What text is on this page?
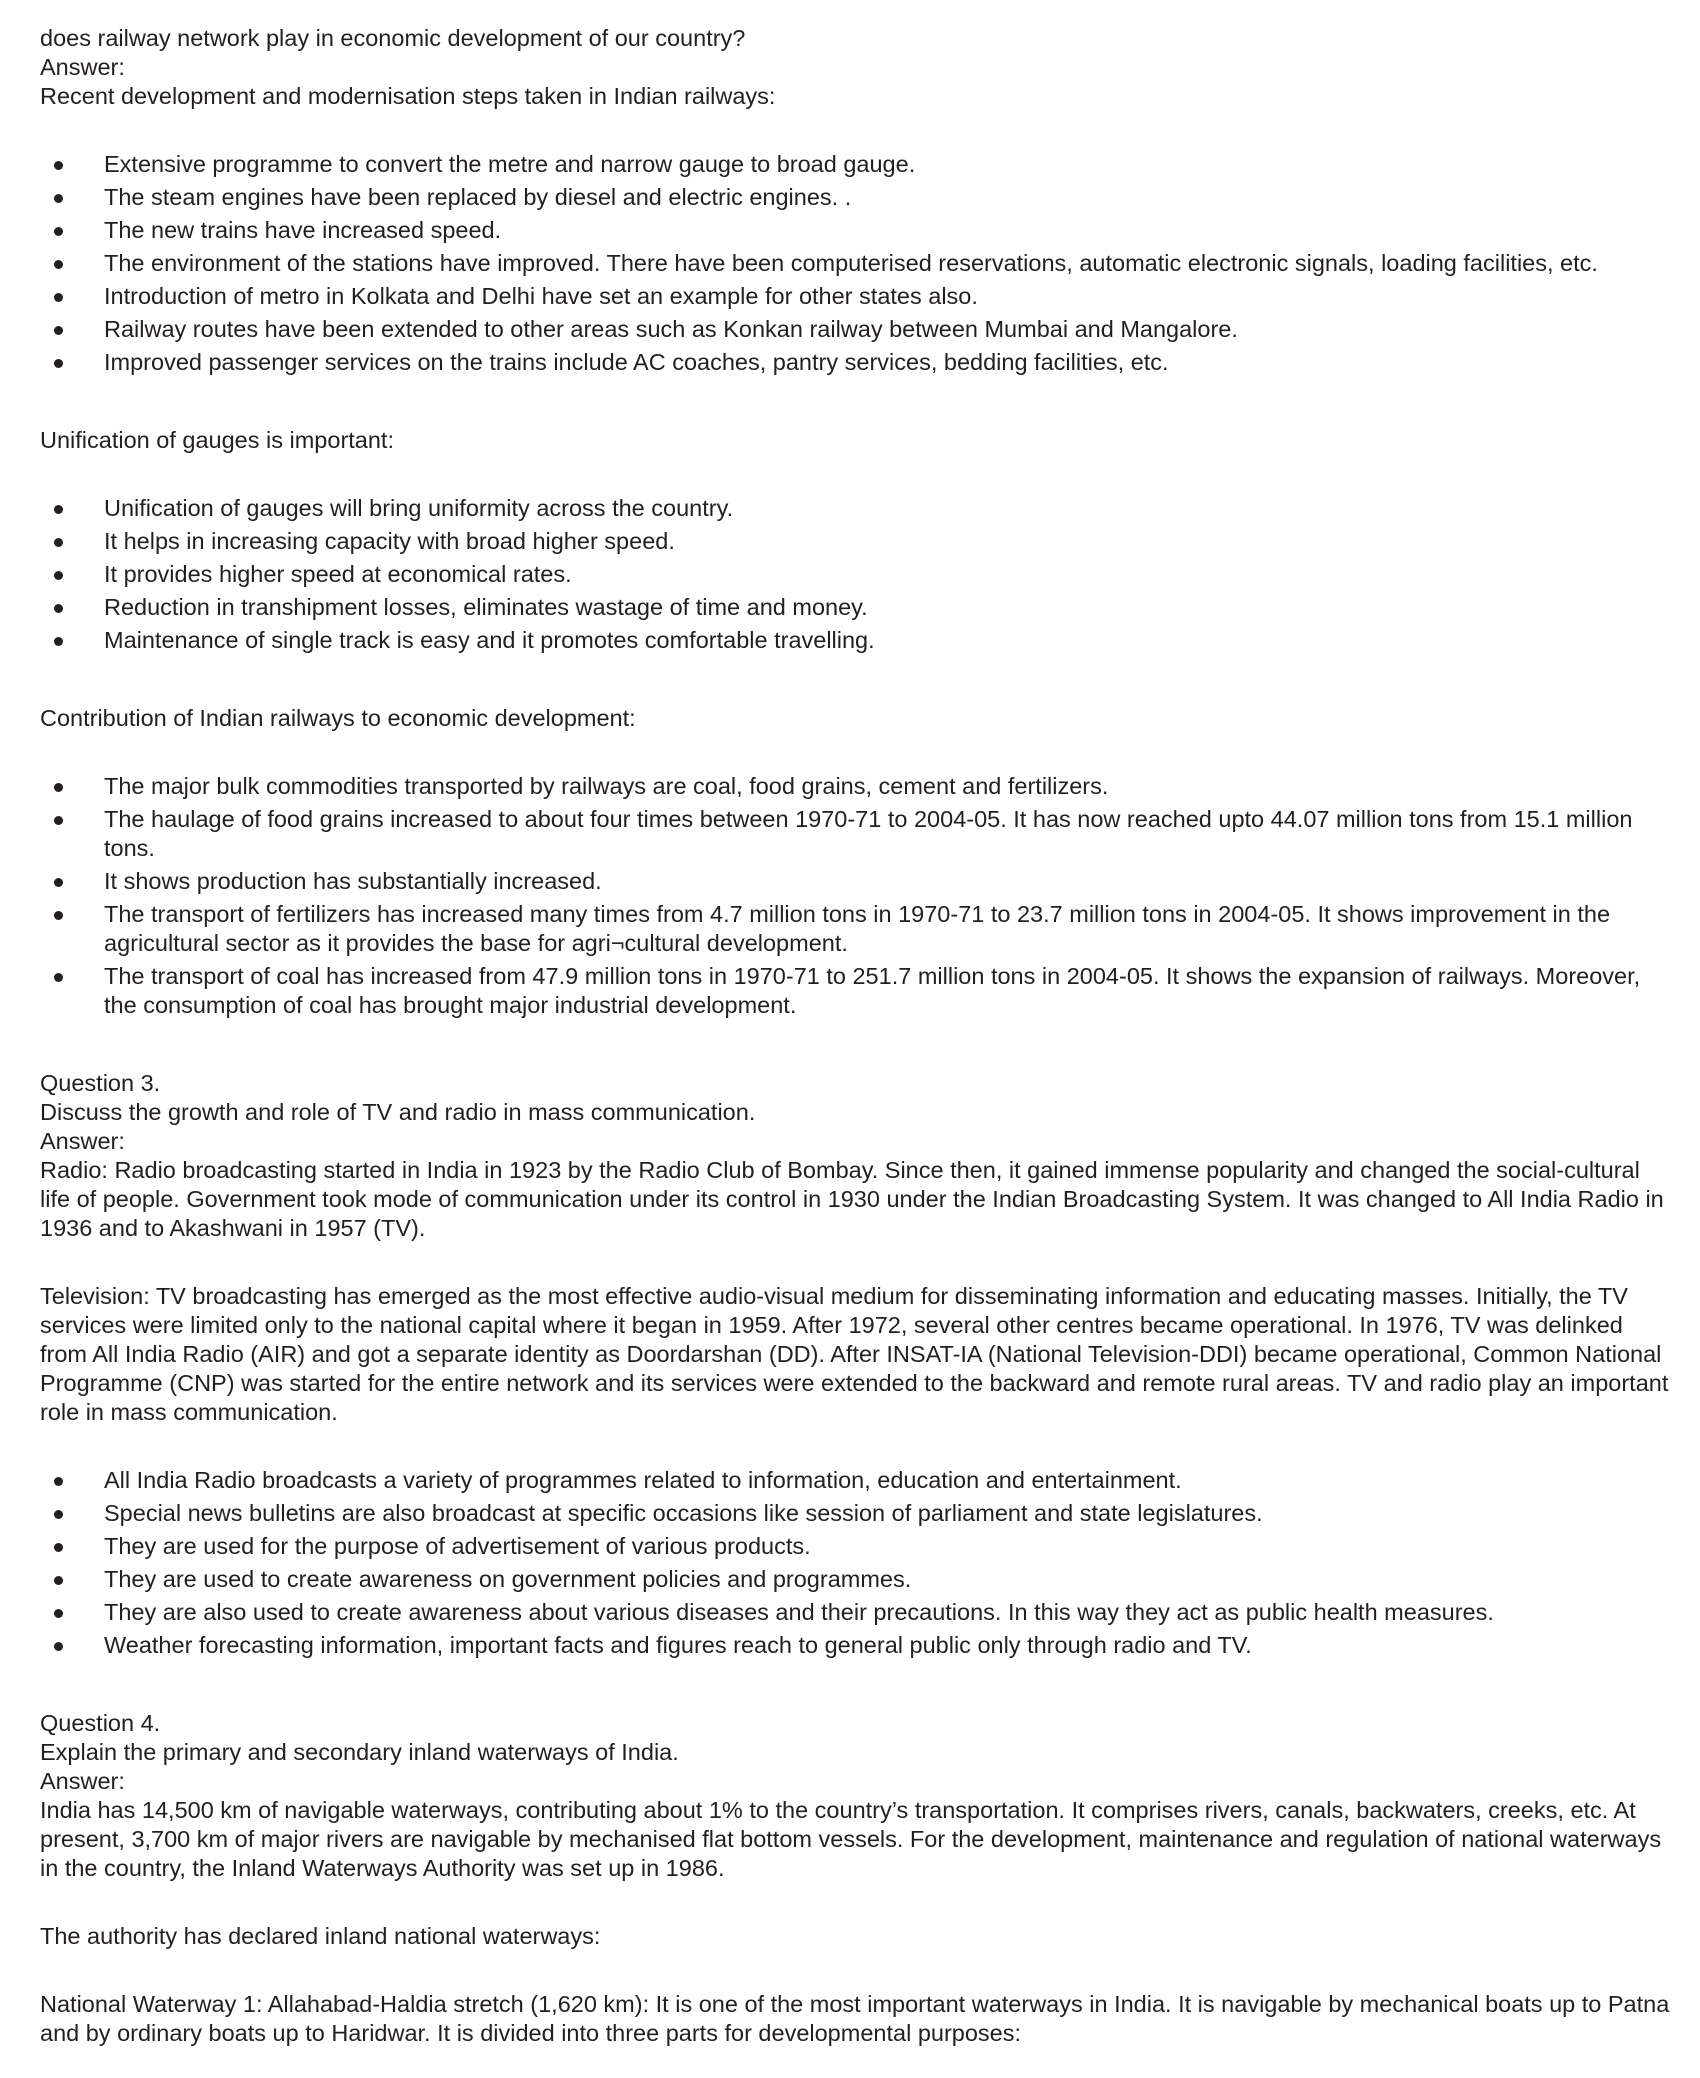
does railway network play in economic development of our country?

Answer:

Recent development and modernisation steps taken in Indian railways:

Extensive programme to convert the metre and narrow gauge to broad gauge.
The steam engines have been replaced by diesel and electric engines. .
The new trains have increased speed.
The environment of the stations have improved. There have been computerised reservations, automatic electronic signals, loading facilities, etc.
Introduction of metro in Kolkata and Delhi have set an example for other states also.
Railway routes have been extended to other areas such as Konkan railway between Mumbai and Mangalore.
Improved passenger services on the trains include AC coaches, pantry services, bedding facilities, etc.

Unification of gauges is important:

Unification of gauges will bring uniformity across the country.
It helps in increasing capacity with broad higher speed.
It provides higher speed at economical rates.
Reduction in transhipment losses, eliminates wastage of time and money.
Maintenance of single track is easy and it promotes comfortable travelling.

Contribution of Indian railways to economic development:

The major bulk commodities transported by railways are coal, food grains, cement and fertilizers.
The haulage of food grains increased to about four times between 1970-71 to 2004-05. It has now reached upto 44.07 million tons from 15.1 million tons.
It shows production has substantially increased.
The transport of fertilizers has increased many times from 4.7 million tons in 1970-71 to 23.7 million tons in 2004-05. It shows improvement in the agricultural sector as it provides the base for agri¬cultural development.
The transport of coal has increased from 47.9 million tons in 1970-71 to 251.7 million tons in 2004-05. It shows the expansion of railways. Moreover, the consumption of coal has brought major industrial development.

Question 3.

Discuss the growth and role of TV and radio in mass communication.

Answer:

Radio: Radio broadcasting started in India in 1923 by the Radio Club of Bombay. Since then, it gained immense popularity and changed the social-cultural life of people. Government took mode of communication under its control in 1930 under the Indian Broadcasting System. It was changed to All India Radio in 1936 and to Akashwani in 1957 (TV).

Television: TV broadcasting has emerged as the most effective audio-visual medium for disseminating information and educating masses. Initially, the TV services were limited only to the national capital where it began in 1959. After 1972, several other centres became operational. In 1976, TV was delinked from All India Radio (AIR) and got a separate identity as Doordarshan (DD). After INSAT-IA (National Television-DDI) became operational, Common National Programme (CNP) was started for the entire network and its services were extended to the backward and remote rural areas. TV and radio play an important role in mass communication.

All India Radio broadcasts a variety of programmes related to information, education and entertainment.
Special news bulletins are also broadcast at specific occasions like session of parliament and state legislatures.
They are used for the purpose of advertisement of various products.
They are used to create awareness on government policies and programmes.
They are also used to create awareness about various diseases and their precautions. In this way they act as public health measures.
Weather forecasting information, important facts and figures reach to general public only through radio and TV.

Question 4.

Explain the primary and secondary inland waterways of India.

Answer:

India has 14,500 km of navigable waterways, contributing about 1% to the country’s transportation. It comprises rivers, canals, backwaters, creeks, etc. At present, 3,700 km of major rivers are navigable by mechanised flat bottom vessels. For the development, maintenance and regulation of national waterways in the country, the Inland Waterways Authority was set up in 1986.

The authority has declared inland national waterways:

National Waterway 1: Allahabad-Haldia stretch (1,620 km): It is one of the most important waterways in India. It is navigable by mechanical boats up to Patna and by ordinary boats up to Haridwar. It is divided into three parts for developmental purposes:
